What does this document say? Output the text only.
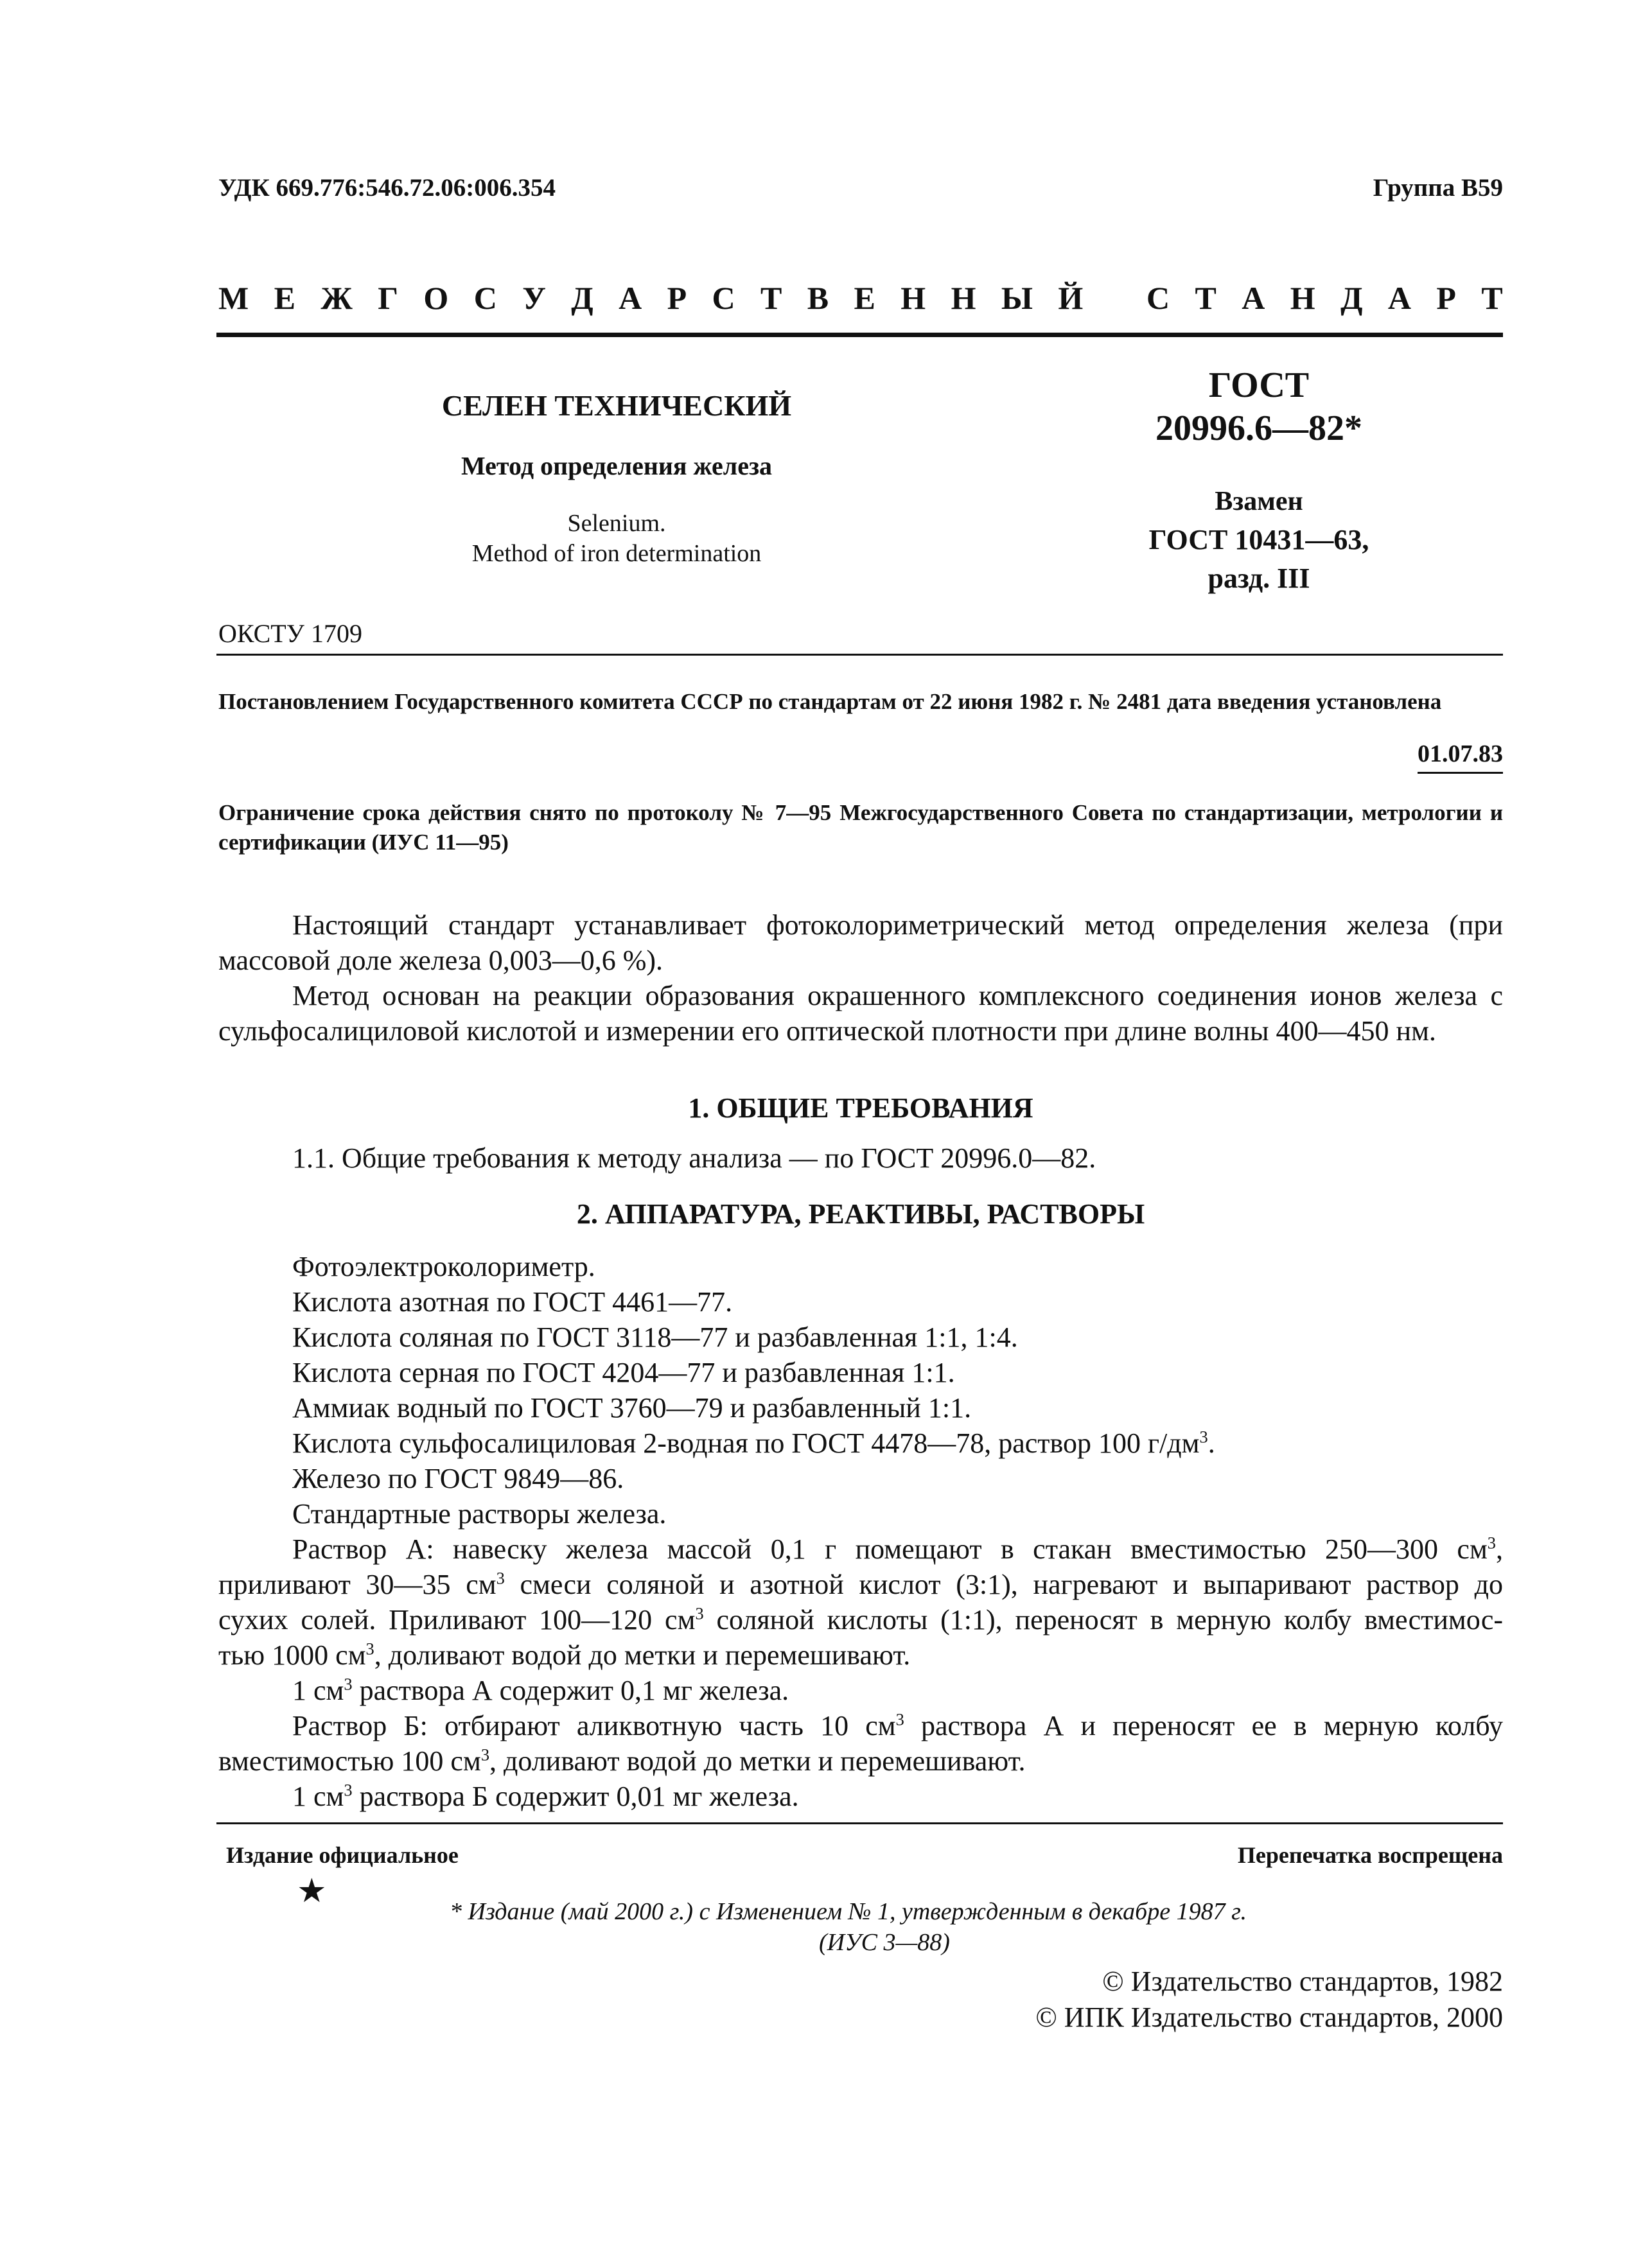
УДК 669.776:546.72.06:006.354	Группа В59
М Е Ж Г О С У Д А Р С Т В Е Н Н Ы Й С Т А Н Д А Р Т
СЕЛЕН ТЕХНИЧЕСКИЙ
Метод определения железа
Selenium.
Method of iron determination
ГОСТ
20996.6—82*
Взамен
ГОСТ 10431—63,
разд. III
ОКСТУ 1709
Постановлением Государственного комитета СССР по стандартам от 22 июня 1982 г. № 2481 дата введения установлена
01.07.83
Ограничение срока действия снято по протоколу № 7—95 Межгосударственного Совета по стандартизации, метрологии и сертификации (ИУС 11—95)

Настоящий стандарт устанавливает фотоколориметрический метод определения железа (при массовой доле железа 0,003—0,6 %).

Метод основан на реакции образования окрашенного комплексного соединения ионов железа с сульфосалициловой кислотой и измерении его оптической плотности при длине волны 400—450 нм.

1. ОБЩИЕ ТРЕБОВАНИЯ
1.1. Общие требования к методу анализа — по ГОСТ 20996.0—82.
2. АППАРАТУРА, РЕАКТИВЫ, РАСТВОРЫ
Фотоэлектроколориметр.
Кислота азотная по ГОСТ 4461—77.
Кислота соляная по ГОСТ 3118—77 и разбавленная 1:1, 1:4.
Кислота серная по ГОСТ 4204—77 и разбавленная 1:1.
Аммиак водный по ГОСТ 3760—79 и разбавленный 1:1.
Кислота сульфосалициловая 2-водная по ГОСТ 4478—78, раствор 100 $г/дм^3$.
Железо по ГОСТ 9849—86.
Стандартные растворы железа.
Раствор А: навеску железа массой 0,1 г помещают в стакан вместимостью 250—300 $см^3$,
приливают 30—35 $см^3$ смеси соляной и азотной кислот (3:1), нагревают и выпаривают раствор до
сухих солей. Приливают 100—120 $см^3$ соляной кислоты (1:1), переносят в мерную колбу вместимос-
тью 1000 $см^3$, доливают водой до метки и перемешивают.
1 $см^3$ раствора А содержит 0,1 мг железа.
Раствор Б: отбирают аликвотную часть 10 $см^3$ раствора А и переносят ее в мерную колбу
вместимостью 100 $см^3$, доливают водой до метки и перемешивают.
1 $см^3$ раствора Б содержит 0,01 мг железа.
Издание официальное	Перепечатка воспрещена
★
* Издание (май 2000 г.) с Изменением № 1, утвержденным в декабре 1987 г.
(ИУС 3—88)
© Издательство стандартов, 1982
© ИПК Издательство стандартов, 2000
